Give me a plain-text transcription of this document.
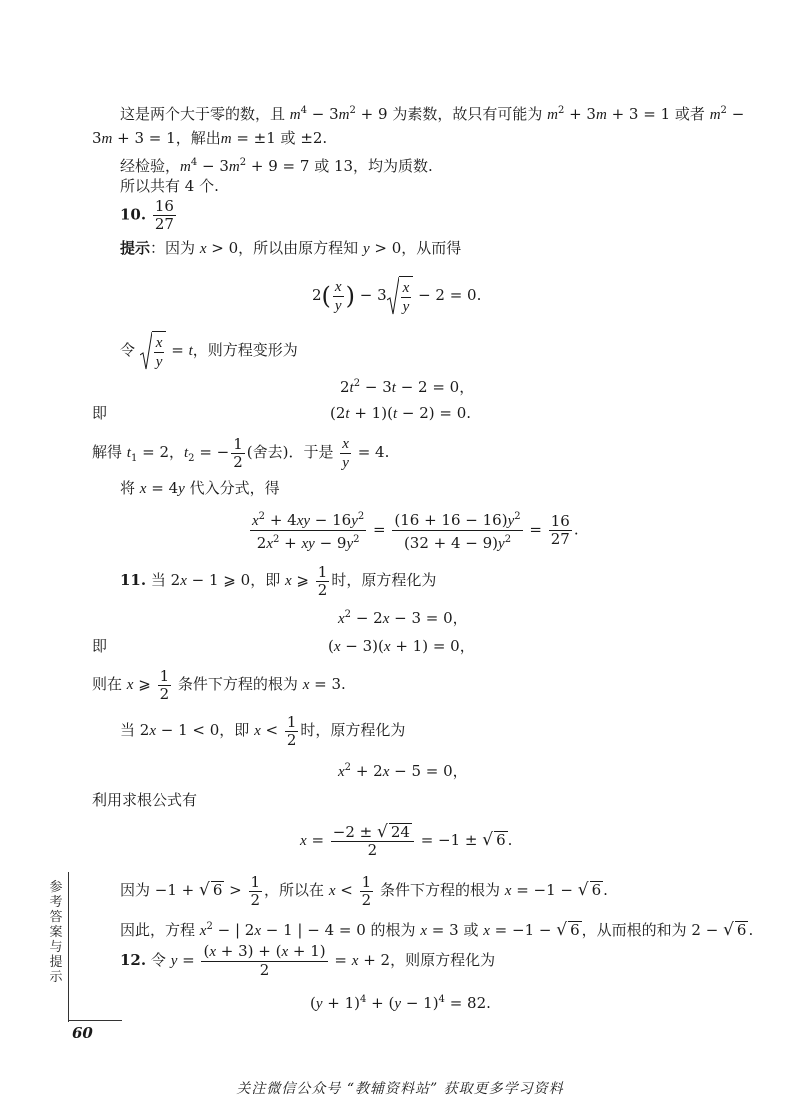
这是两个大于零的数，且 $m^4 - 3m^2 + 9$ 为素数，故只有可能为 $m^2 + 3m + 3 = 1$ 或者 $m^2$ −
3m + 3 = 1，解出m = ±1 或 ±2.
经检验，$m^4 - 3m^2 + 9 = 7$ 或 13，均为质数.
所以共有 4 个.
10. $\frac{16}{27}$
提示：因为 x > 0，所以由原方程知 y > 0，从而得
$2( \frac{x}{y}$ ) − $3 \frac{x}{y} - 2 = 0$.
令 $\frac{x}{y} = t$，则方程变形为
$2t^2 - 3t - 2 = 0$，
即	(2t + 1)(t − 2) = 0.
解得 $t_1 = 2$，$t_2$ = − $\frac{1}{2}$ (舍去)．于是 $\frac{x}{y} = 4$.
将 x = 4y 代入分式，得
$\frac{x^2 + 4xy - 16y^2}{2x^2 + xy - 9y^2} = \frac{(16 + 16 - 16)y^2}{(32 + 4 - 9)y^2} = \frac{16}{27}$ .
11. 当 2x − 1 ⩾ 0，即 x ⩾ $\frac{1}{2}$ 时，原方程化为
$x^2 - 2x - 3 = 0$，
即	(x − 3)(x + 1) = 0，
则在 x ⩾ $\frac{1}{2}$ 条件下方程的根为 x = 3.
当 2x − 1 < 0，即 $x < \frac{1}{2}$ 时，原方程化为
$x^2 + 2x - 5 = 0$，
利用求根公式有
$x = \frac{-2 \pm √ 24}{2} = -1$ ± √ 6 .
因为 −1 + √ $6 > \frac{1}{2}$ ，所以在 $x < \frac{1}{2}$ 条件下方程的根为 x = −1 − √ 6 .
因此，方程 $x^2$ − | 2x − 1 | − 4 = 0 的根为 x = 3 或 x = −1 − √ 6 ，从而根的和为 2 − √ 6 .
12. 令 $y = \frac{(x + 3) + (x + 1)}{2} = x + 2$，则原方程化为
$(y + 1)^4 + (y - 1)^4 = 82$.
参考答案与提示
60
关注微信公众号 “教辅资料站” 获取更多学习资料
